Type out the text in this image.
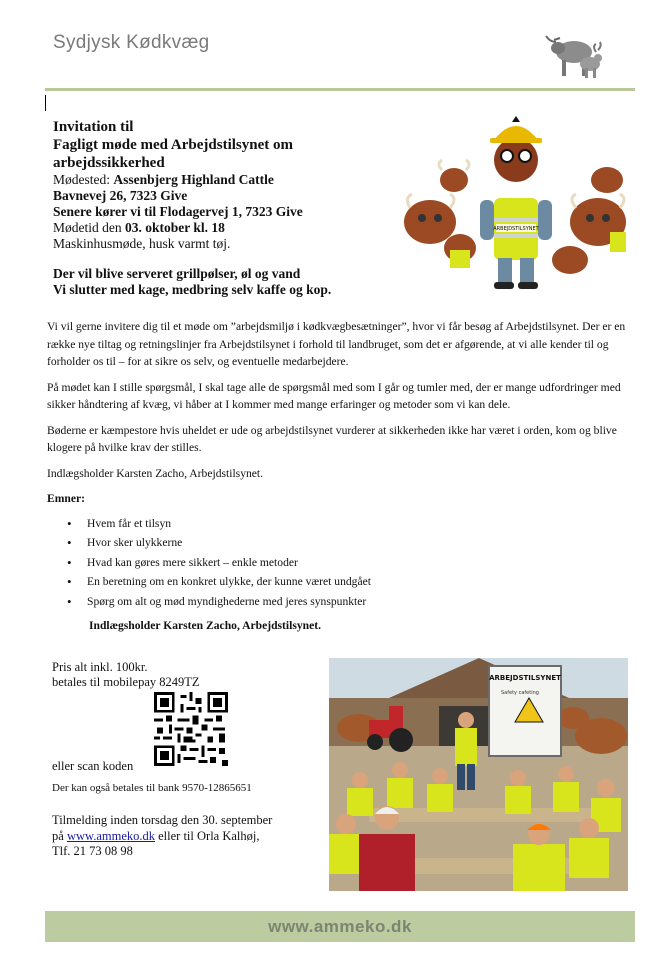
Sydjysk Kødkvæg
Invitation til
Fagligt møde med Arbejdstilsynet om
arbejdssikkerhed
Mødested: Assenbjerg Highland Cattle
Bavnevej 26, 7323 Give
Senere kører vi til Flodagervej 1, 7323 Give
Mødetid den 03. oktober kl. 18
Maskinhusmøde, husk varmt tøj.
Der vil blive serveret grillpølser, øl og vand
Vi slutter med kage, medbring selv kaffe og kop.
ARBEJDSTILSYNET

Vi vil gerne invitere dig til et møde om ”arbejdsmiljø i kødkvægbesætninger”, hvor vi får besøg af Arbejdstilsynet. Der er en række nye tiltag og retningslinjer fra Arbejdstilsynet i forhold til landbruget, som det er afgørende, at vi alle kender til og forholder os til – for at sikre os selv, og eventuelle medarbejdere.

På mødet kan I stille spørgsmål, I skal tage alle de spørgsmål med som I går og tumler med, der er mange udfordringer med sikker håndtering af kvæg, vi håber at I kommer med mange erfaringer og metoder som vi kan dele.

Bøderne er kæmpestore hvis uheldet er ude og arbejdstilsynet vurderer at sikkerheden ikke har været i orden, kom og blive klogere på hvilke krav der stilles.

Indlægsholder Karsten Zacho, Arbejdstilsynet.

Emner:
• Hvem får et tilsyn
• Hvor sker ulykkerne
• Hvad kan gøres mere sikkert – enkle metoder
• En beretning om en konkret ulykke, der kunne været undgået
• Spørg om alt og mød myndighederne med jeres synspunkter
Indlægsholder Karsten Zacho, Arbejdstilsynet.
Pris alt inkl. 100kr.
betales til mobilepay 8249TZ
eller scan koden
Der kan også betales til bank 9570-12865651
Tilmelding inden torsdag den 30. september
på www.ammeko.dk eller til Orla Kalhøj,
Tlf. 21 73 08 98
ARBEJDSTILSYNET
Safety cafeting
www.ammeko.dk
